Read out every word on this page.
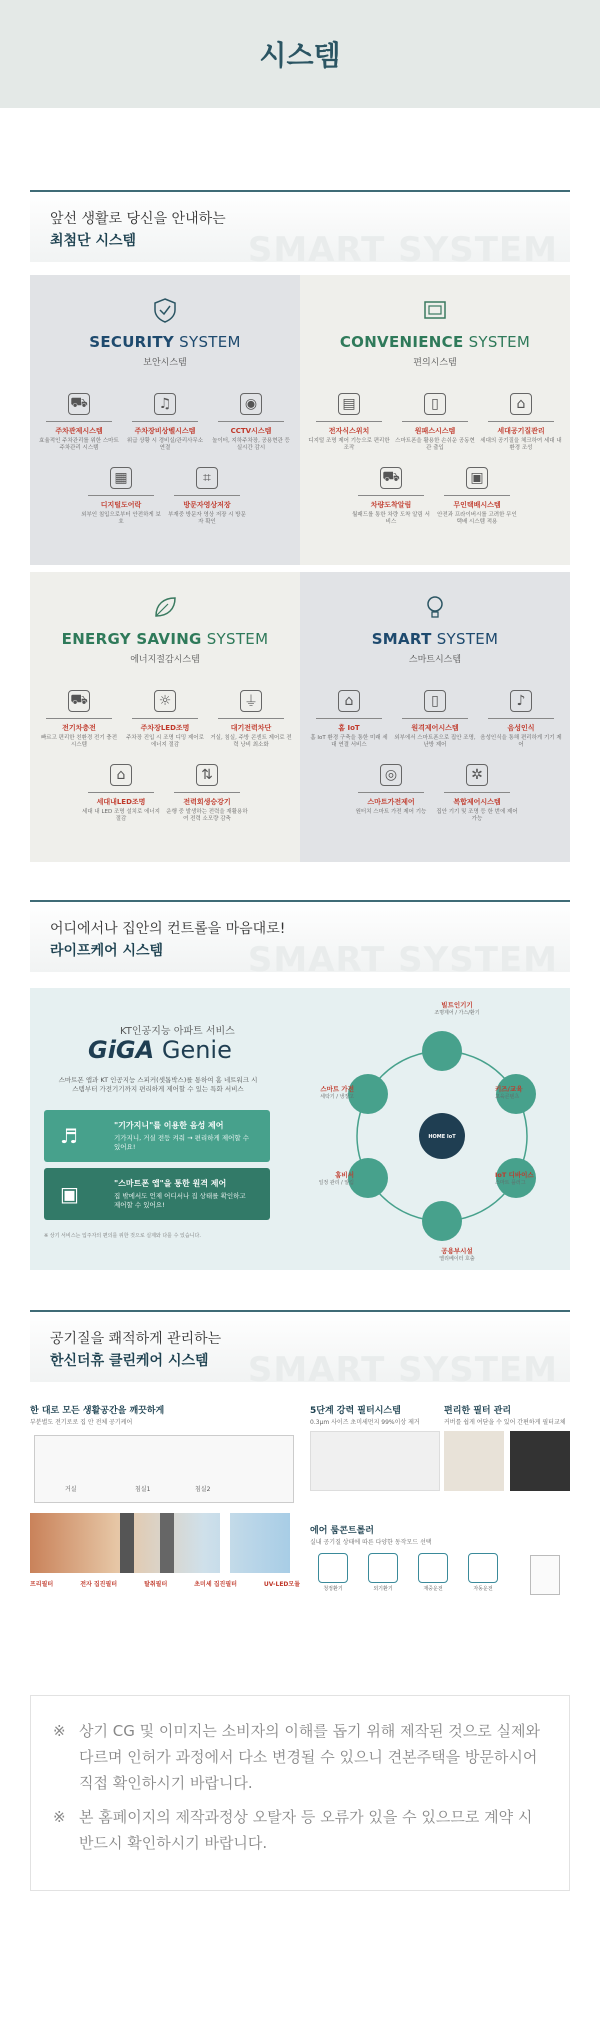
시스템
앞선 생활로 당신을 안내하는
최첨단 시스템	SMART SYSTEM
SECURITY SYSTEM
보안시스템
⛟
주차관제시스템
효율적인 주차관리를 위한 스마트 주차관리 시스템
♫
주차장비상벨시스템
위급 상황 시 경비실/관리사무소 연결
◉
CCTV시스템
놀이터, 지하주차장, 공용현관 등 실시간 감시
▦
디지털도어락
외부인 침입으로부터 안전하게 보호
⌗
방문자영상저장
부재중 방문자 영상 저장 시 방문자 확인
CONVENIENCE SYSTEM
편의시스템
▤
전자식스위치
디지털 조명 제어 기능으로 편리한 조작
▯
원패스시스템
스마트폰을 활용한 손쉬운 공동현관 출입
⌂
세대공기질관리
세대의 공기질을 체크하여 세대 내 환경 조성
⛟
차량도착알림
월패드를 통한 차량 도착 알림 서비스
▣
무인택배시스템
안전과 프라이버시를 고려한 무인택배 시스템 적용
ENERGY SAVING SYSTEM
에너지절감시스템
⛟
전기차충전
빠르고 편리한 친환경 전기 충전 시스템
☼
주차장LED조명
주차장 진입 시 조명 디밍 제어로 에너지 절감
⏚
대기전력차단
거실, 침실, 주방 콘센트 제어로 전력 낭비 최소화
⌂
세대내LED조명
세대 내 LED 조명 설치로 에너지 절감
⇅
전력회생승강기
운행 중 발생하는 전력을 재활용하여 전력 소모량 감축
SMART SYSTEM
스마트시스템
⌂
홈 IoT
홈 IoT 환경 구축을 통한 미래 세대 연결 서비스
▯
원격제어시스템
외부에서 스마트폰으로 집안 조명, 난방 제어
♪
음성인식
음성인식을 통해 편리하게 기기 제어
◎
스마트가전제어
원터치 스마트 가전 제어 기능
✲
복합제어시스템
집안 기기 및 조명 등 한 번에 제어 가능
어디에서나 집안의 컨트롤을 마음대로!
라이프케어 시스템 SMART SYSTEM
KT인공지능 아파트 서비스
GiGA Genie
스마트폰 앱과 KT 인공지능 스피커(셋톱박스)를 통하여 홈 네트워크 시스템부터 가전기기까지 편리하게 제어할 수 있는 특화 서비스
♬	"기가지니"를 이용한 음성 제어
기가지니, 거실 전등 켜줘 → 편리하게 제어할 수 있어요!
▣	"스마트폰 앱"을 통한 원격 제어
집 밖에서도 언제 어디서나 집 상태를 확인하고 제어할 수 있어요!
※ 상기 서비스는 입주자의 편의를 위한 것으로 실제와 다를 수 있습니다.
HOME IoT
빌트인기기
조명제어 / 가스/환기
키즈/교육
교육콘텐츠
IoT 디바이스
스마트 플러그
공용부시설
엘리베이터 호출
홈비서
일정 관리 / 알림
스마트 가전
세탁기 / 냉장고
공기질을 쾌적하게 관리하는
한신더휴 클린케어 시스템 SMART SYSTEM
한 대로 모든 생활공간을 깨끗하게
부분별도 전기로로 집 안 전체 공기케어
거실	침실1	침실2
프리필터	전자 집진필터	탈취필터	초미세 집진필터	UV-LED모듈
5단계 강력 필터시스템
0.3μm 사이즈 초미세먼지 99%이상 제거
편리한 필터 관리
커버를 쉽게 여닫을 수 있어 간편하게 필터교체
에어 룸콘트롤러
실내 공기질 상태에 따른 다양한 동작모드 선택
청정환기	외기환기	재중운전	자동운전

※ 상기 CG 및 이미지는 소비자의 이해를 돕기 위해 제작된 것으로 실제와 다르며 인허가 과정에서 다소 변경될 수 있으니 견본주택을 방문하시어 직접 확인하시기 바랍니다.

※ 본 홈페이지의 제작과정상 오탈자 등 오류가 있을 수 있으므로 계약 시 반드시 확인하시기 바랍니다.
